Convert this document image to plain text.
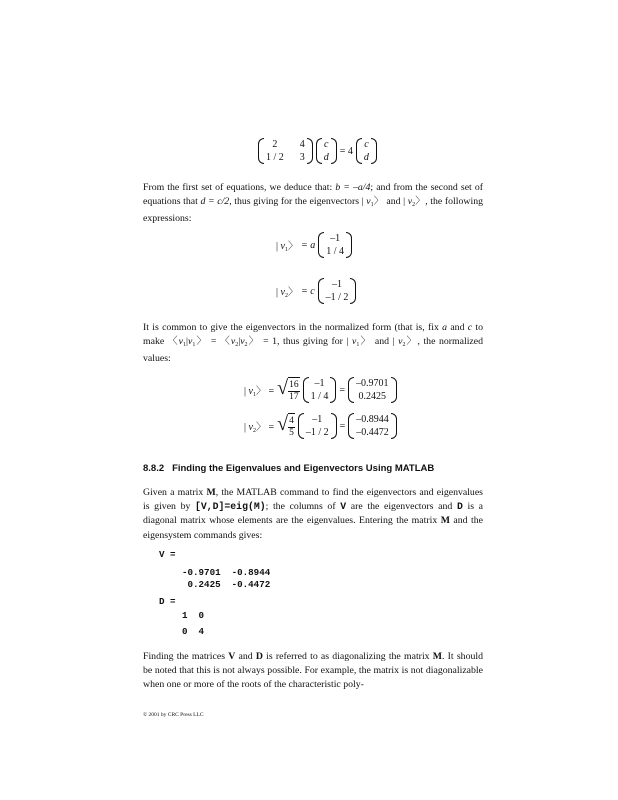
2	4
1 / 2 3
c
d
= 4
c
d
From the first set of equations, we deduce that: b = –a/4; and from the second set of equations that d = c/2, thus giving for the eigenvectors | $v_1$〉 and | $v_2$〉, the following expressions:
| $v_1$〉 = a
–1
1 / 4
| $v_2$〉 = c
–1
–1 / 2
It is common to give the eigenvectors in the normalized form (that is, fix a and c to make 〈$v_1|v_1$〉 = 〈$v_2|v_2$〉 = 1, thus giving for | $v_1$〉 and | $v_2$〉, the normalized values:
| $v_1$〉 = √ $\frac{16}{17}$	–1
1 / 4
=
–0.9701
0.2425
| $v_2$〉 = √ $\frac{4}{5}$	–1
–1 / 2
=
–0.8944
–0.4472
8.8.2 Finding the Eigenvalues and Eigenvectors Using MATLAB
Given a matrix M, the MATLAB command to find the eigenvectors and eigenvalues is given by [V,D]=eig(M); the columns of V are the eigenvectors and D is a diagonal matrix whose elements are the eigenvalues. Entering the matrix M and the eigensystem commands gives:
V =
-0.9701  -0.8944
0.2425  -0.4472
D =
1  0
0  4
Finding the matrices V and D is referred to as diagonalizing the matrix M. It should be noted that this is not always possible. For example, the matrix is not diagonalizable when one or more of the roots of the characteristic poly-
© 2001 by CRC Press LLC
